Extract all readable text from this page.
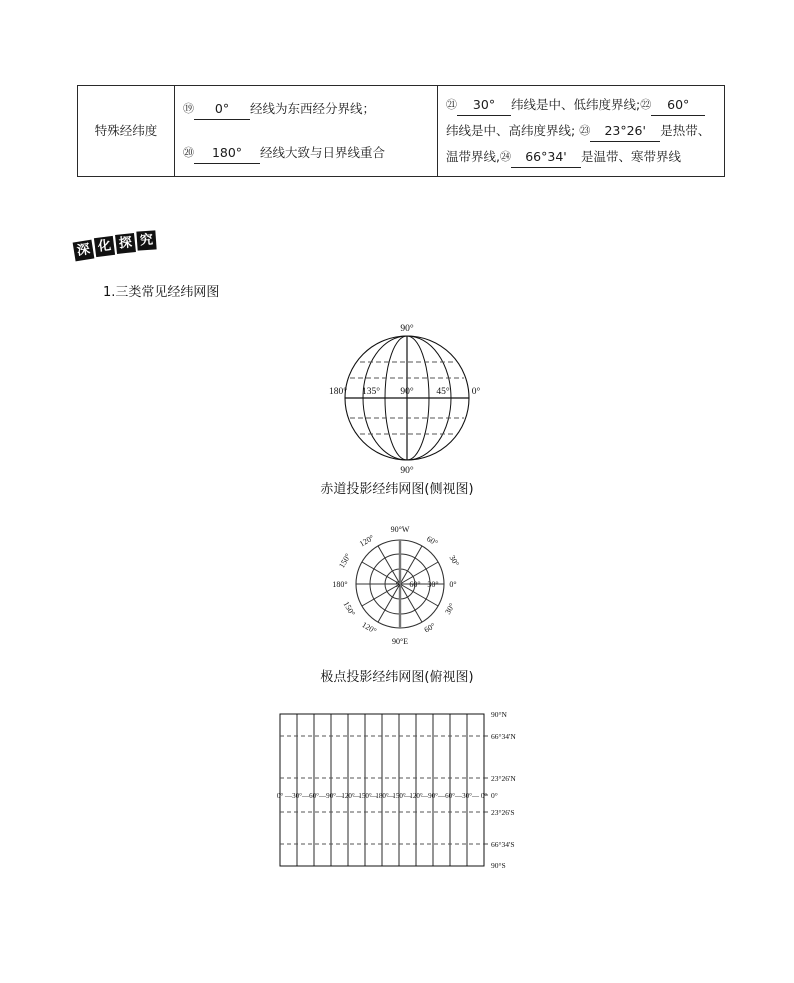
特殊经纬度	
⑲ 0° 经线为东西经分界线；
⑳ 180° 经线大致与日界线重合
	㉑ 30° 纬线是中、低纬度界线;㉒ 60°纬线是中、高纬度界线; ㉓ 23°26' 是热带、温带界线,㉔ 66°34' 是温带、寒带界线
深 化 探 究
1.三类常见经纬网图
90°
90°
180° 135° 90° 45° 0°
赤道投影经纬网图(侧视图)
S 60° 30° 0°
90°W
60°
30°
30°
60°
90°E
120°
150°
180°
150°
120°
极点投影经纬网图(俯视图)
90°N
66°34'N
23°26'N
0°
23°26'S
66°34'S
90°S
0° — 30° — 60° — 90° —
120°
—
150°
—
180°
—
150°
—
120°
— 90° — 60° — 30° — 0°
